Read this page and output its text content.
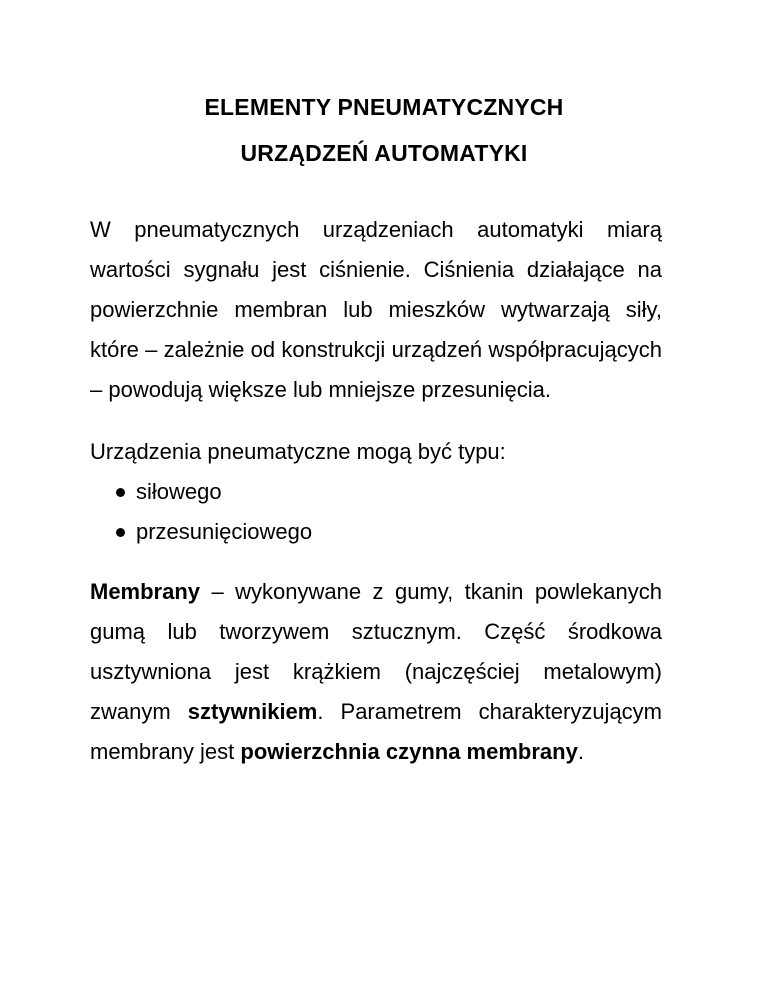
ELEMENTY PNEUMATYCZNYCH

URZĄDZEŃ AUTOMATYKI

W pneumatycznych urządzeniach automatyki miarą wartości sygnału jest ciśnienie. Ciśnienia działające na powierzchnie membran lub mieszków wytwarzają siły, które – zależnie od konstrukcji urządzeń współpracujących – powodują większe lub mniejsze przesunięcia.

Urządzenia pneumatyczne mogą być typu:

siłowego
przesunięciowego

Membrany – wykonywane z gumy, tkanin powlekanych gumą lub tworzywem sztucznym. Część środkowa usztywniona jest krążkiem (najczęściej metalowym) zwanym sztywnikiem. Parametrem charakteryzującym membrany jest powierzchnia czynna membrany.
